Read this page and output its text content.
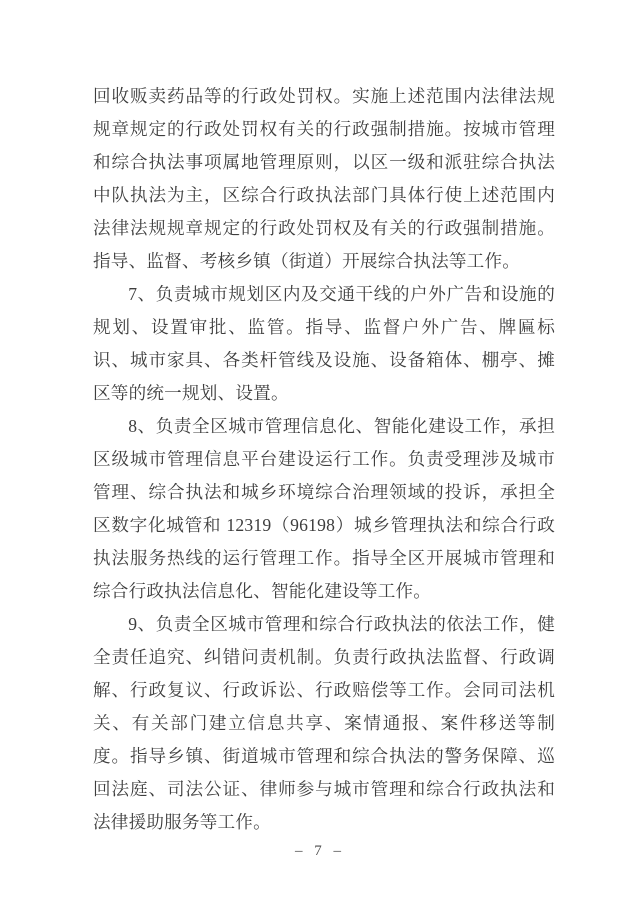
回收贩卖药品等的行政处罚权。实施上述范围内法律法规规章规定的行政处罚权有关的行政强制措施。按城市管理和综合执法事项属地管理原则，以区一级和派驻综合执法中队执法为主，区综合行政执法部门具体行使上述范围内法律法规规章规定的行政处罚权及有关的行政强制措施。指导、监督、考核乡镇（街道）开展综合执法等工作。

7、负责城市规划区内及交通干线的户外广告和设施的规划、设置审批、监管。指导、监督户外广告、牌匾标识、城市家具、各类杆管线及设施、设备箱体、棚亭、摊区等的统一规划、设置。

8、负责全区城市管理信息化、智能化建设工作，承担区级城市管理信息平台建设运行工作。负责受理涉及城市管理、综合执法和城乡环境综合治理领域的投诉，承担全区数字化城管和 12319（96198）城乡管理执法和综合行政执法服务热线的运行管理工作。指导全区开展城市管理和综合行政执法信息化、智能化建设等工作。

9、负责全区城市管理和综合行政执法的依法工作，健全责任追究、纠错问责机制。负责行政执法监督、行政调解、行政复议、行政诉讼、行政赔偿等工作。会同司法机关、有关部门建立信息共享、案情通报、案件移送等制度。指导乡镇、街道城市管理和综合执法的警务保障、巡回法庭、司法公证、律师参与城市管理和综合行政执法和法律援助服务等工作。

– 7 –
